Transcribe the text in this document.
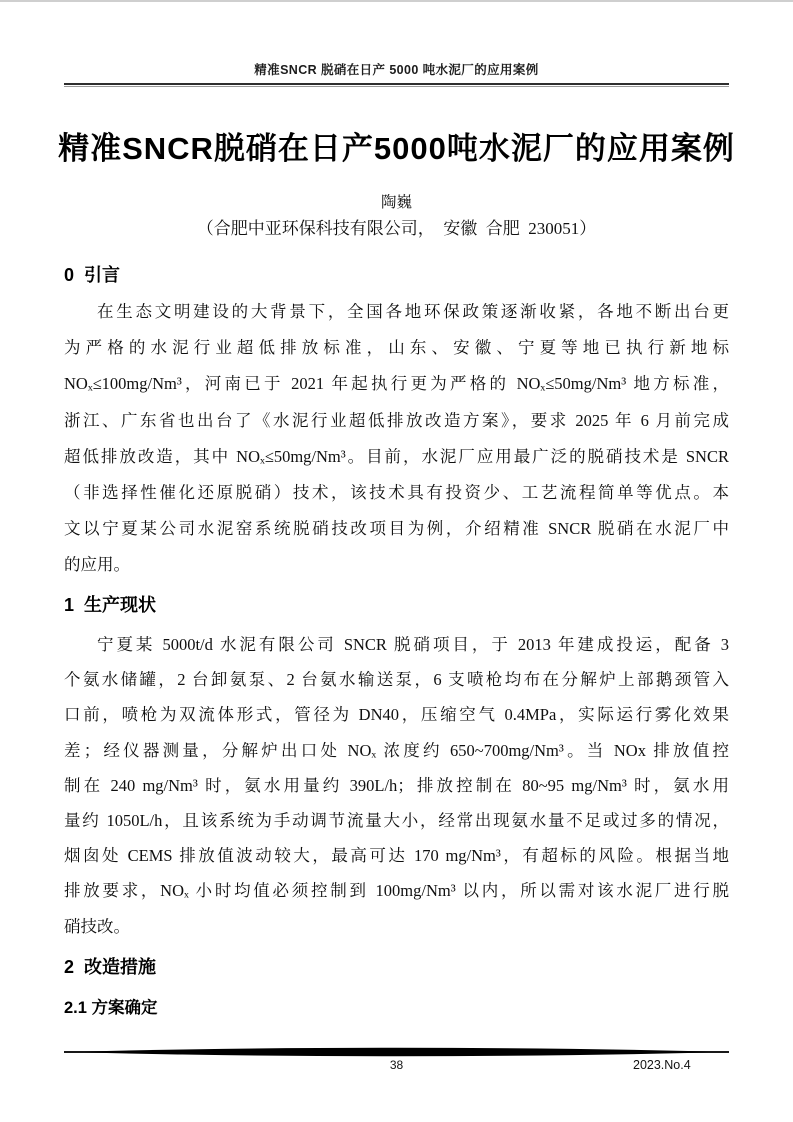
精准SNCR 脱硝在日产 5000 吨水泥厂的应用案例
精准SNCR脱硝在日产5000吨水泥厂的应用案例
陶巍
（合肥中亚环保科技有限公司，  安徽  合肥  230051）
0  引言
在生态文明建设的大背景下，全国各地环保政策逐渐收紧，各地不断出台更
为严格的水泥行业超低排放标准，山东、安徽、宁夏等地已执行新地标
NOₓ≤100mg/Nm³，河南已于 2021 年起执行更为严格的 NOₓ≤50mg/Nm³ 地方标准，
浙江、广东省也出台了《水泥行业超低排放改造方案》，要求 2025 年 6 月前完成
超低排放改造，其中 NOₓ≤50mg/Nm³。目前，水泥厂应用最广泛的脱硝技术是 SNCR
（非选择性催化还原脱硝）技术，该技术具有投资少、工艺流程简单等优点。本
文以宁夏某公司水泥窑系统脱硝技改项目为例，介绍精准 SNCR 脱硝在水泥厂中
的应用。
1  生产现状
宁夏某 5000t/d 水泥有限公司 SNCR 脱硝项目，于 2013 年建成投运，配备 3
个氨水储罐，2 台卸氨泵、2 台氨水输送泵，6 支喷枪均布在分解炉上部鹅颈管入
口前，喷枪为双流体形式，管径为 DN40，压缩空气 0.4MPa，实际运行雾化效果
差；经仪器测量，分解炉出口处 NOₓ 浓度约 650~700mg/Nm³。当 NOx 排放值控
制在 240 mg/Nm³ 时，氨水用量约 390L/h；排放控制在 80~95 mg/Nm³ 时，氨水用
量约 1050L/h，且该系统为手动调节流量大小，经常出现氨水量不足或过多的情况，
烟囱处 CEMS 排放值波动较大，最高可达 170 mg/Nm³，有超标的风险。根据当地
排放要求，NOₓ 小时均值必须控制到 100mg/Nm³ 以内，所以需对该水泥厂进行脱
硝技改。
2  改造措施
2.1 方案确定
38	2023.No.4
